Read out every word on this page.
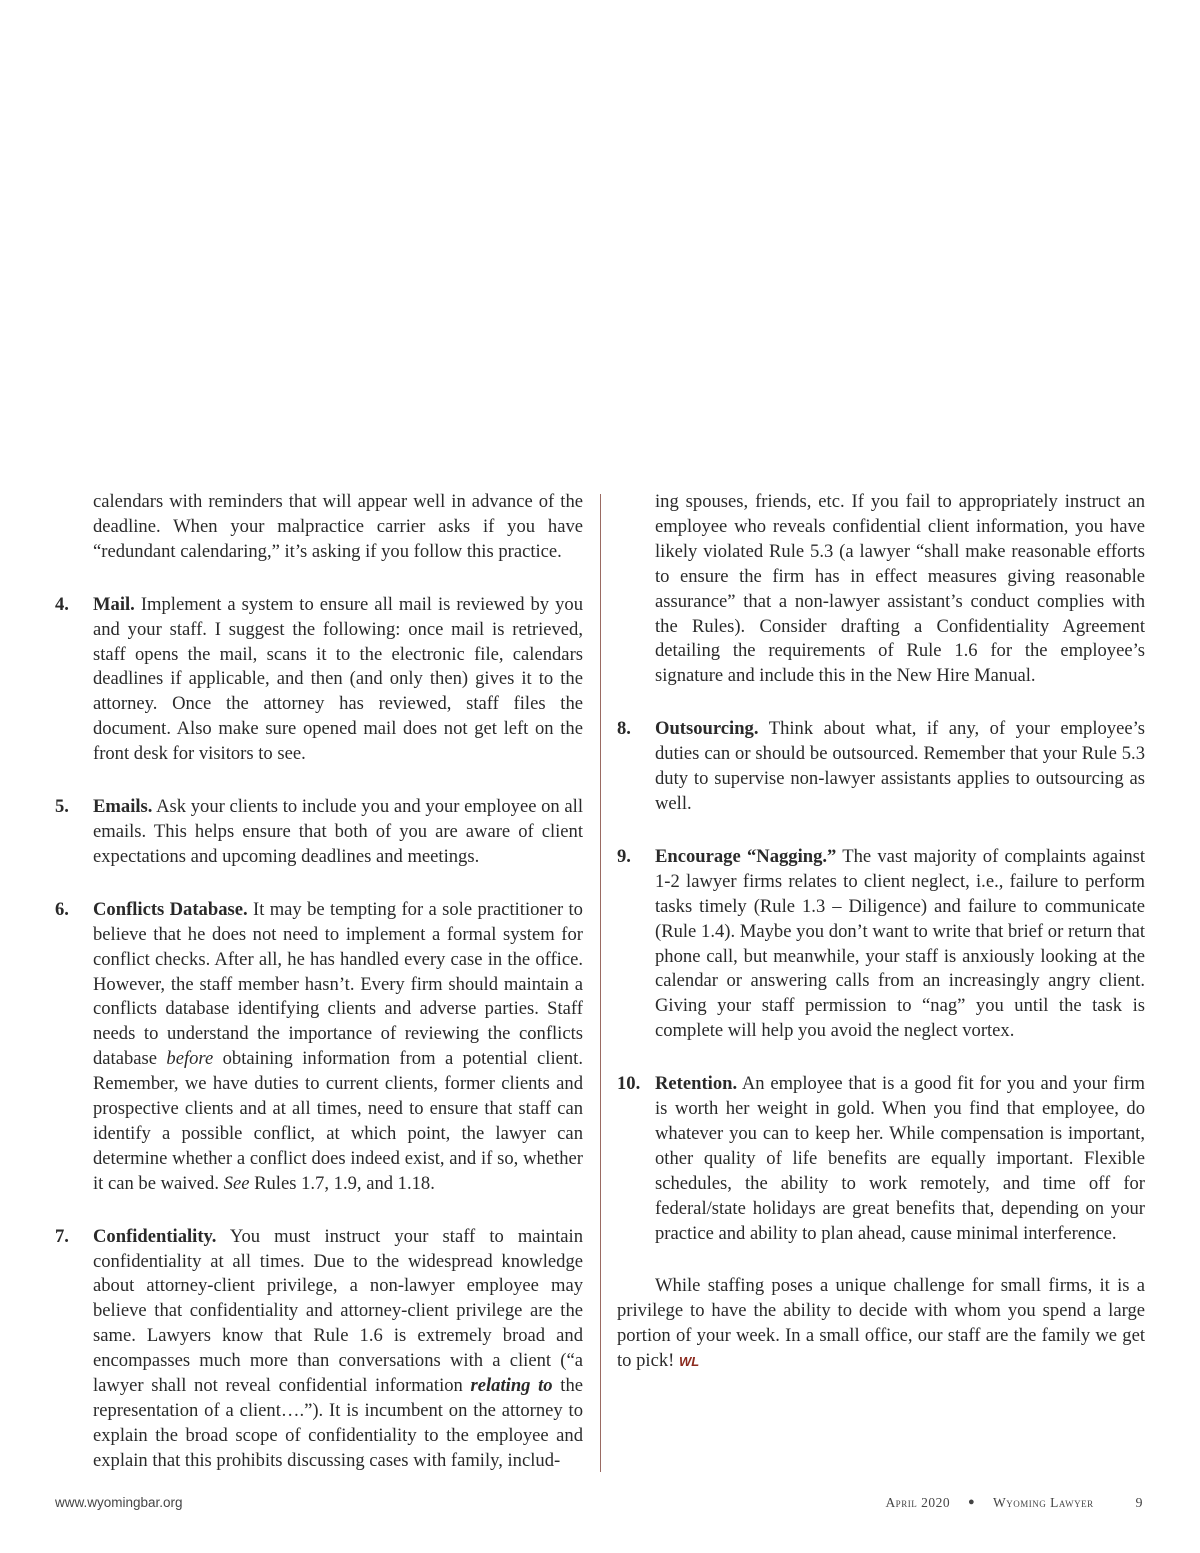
calendars with reminders that will appear well in advance of the deadline. When your malpractice carrier asks if you have “redundant calendaring,” it’s asking if you follow this practice.

4. Mail. Implement a system to ensure all mail is reviewed by you and your staff. I suggest the following: once mail is retrieved, staff opens the mail, scans it to the electronic file, calendars deadlines if applicable, and then (and only then) gives it to the attorney. Once the attorney has reviewed, staff files the document. Also make sure opened mail does not get left on the front desk for visitors to see.
5. Emails. Ask your clients to include you and your employee on all emails. This helps ensure that both of you are aware of client expectations and upcoming deadlines and meetings.
6. Conflicts Database. It may be tempting for a sole practitioner to believe that he does not need to implement a formal system for conflict checks. After all, he has handled every case in the office. However, the staff member hasn’t. Every firm should maintain a conflicts database identifying clients and adverse parties. Staff needs to understand the importance of reviewing the conflicts database before obtaining information from a potential client. Remember, we have duties to current clients, former clients and prospective clients and at all times, need to ensure that staff can identify a possible conflict, at which point, the lawyer can determine whether a conflict does indeed exist, and if so, whether it can be waived. See Rules 1.7, 1.9, and 1.18.
7. Confidentiality. You must instruct your staff to maintain confidentiality at all times. Due to the widespread knowledge about attorney-client privilege, a non-lawyer employee may believe that confidentiality and attorney-client privilege are the same. Lawyers know that Rule 1.6 is extremely broad and encompasses much more than conversations with a client (“a lawyer shall not reveal confidential information relating to the representation of a client….”). It is incumbent on the attorney to explain the broad scope of confidentiality to the employee and explain that this prohibits discussing cases with family, includ-

ing spouses, friends, etc. If you fail to appropriately instruct an employee who reveals confidential client information, you have likely violated Rule 5.3 (a lawyer “shall make reasonable efforts to ensure the firm has in effect measures giving reasonable assurance” that a non-lawyer assistant’s conduct complies with the Rules). Consider drafting a Confidentiality Agreement detailing the requirements of Rule 1.6 for the employee’s signature and include this in the New Hire Manual.

8. Outsourcing. Think about what, if any, of your employee’s duties can or should be outsourced. Remember that your Rule 5.3 duty to supervise non-lawyer assistants applies to outsourcing as well.
9. Encourage “Nagging.” The vast majority of complaints against 1-2 lawyer firms relates to client neglect, i.e., failure to perform tasks timely (Rule 1.3 – Diligence) and failure to communicate (Rule 1.4). Maybe you don’t want to write that brief or return that phone call, but meanwhile, your staff is anxiously looking at the calendar or answering calls from an increasingly angry client. Giving your staff permission to “nag” you until the task is complete will help you avoid the neglect vortex.
10. Retention. An employee that is a good fit for you and your firm is worth her weight in gold. When you find that employee, do whatever you can to keep her. While compensation is important, other quality of life benefits are equally important. Flexible schedules, the ability to work remotely, and time off for federal/state holidays are great benefits that, depending on your practice and ability to plan ahead, cause minimal interference.

While staffing poses a unique challenge for small firms, it is a privilege to have the ability to decide with whom you spend a large portion of your week. In a small office, our staff are the family we get to pick! WL

www.wyomingbar.org	April 2020 ● Wyoming Lawyer	9
